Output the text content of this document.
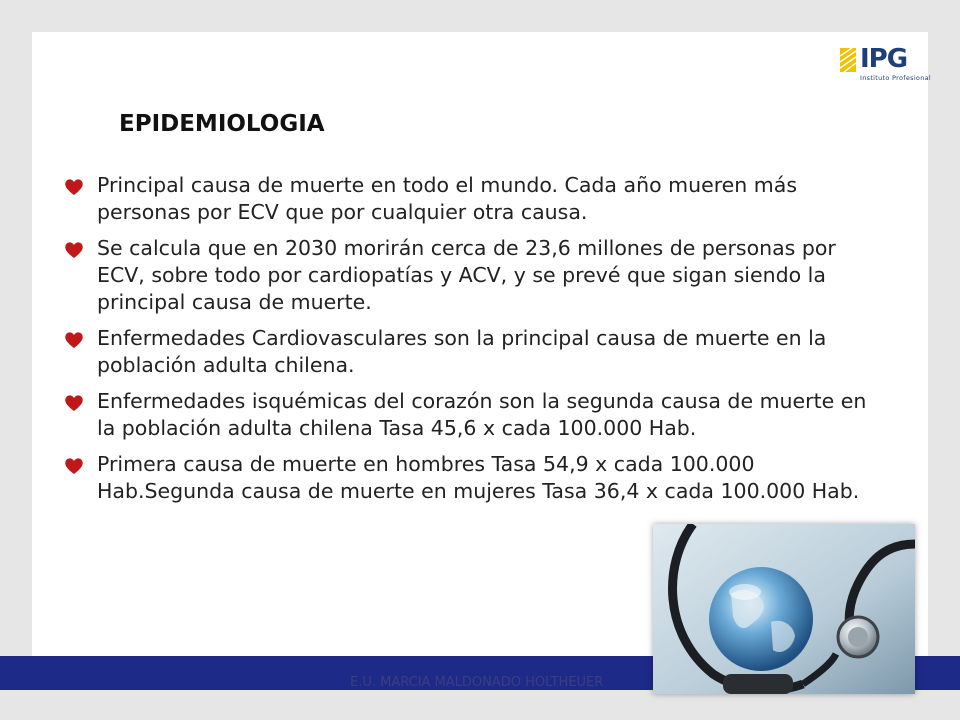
IPG
Instituto Profesional
EPIDEMIOLOGIA
Principal causa de muerte en todo el mundo. Cada año mueren más personas por ECV que por cualquier otra causa.
Se calcula que en 2030 morirán cerca de 23,6 millones de personas por ECV, sobre todo por cardiopatías y ACV, y se prevé que sigan siendo la principal causa de muerte.
Enfermedades Cardiovasculares son la principal causa de muerte en la población adulta chilena.
Enfermedades isquémicas del corazón son la segunda causa de muerte en la población adulta chilena Tasa 45,6 x cada 100.000 Hab.
Primera causa de muerte en hombres Tasa 54,9 x cada 100.000 Hab.Segunda causa de muerte en mujeres Tasa 36,4 x cada 100.000 Hab.
E.U. MARCIA MALDONADO HOLTHEUER
